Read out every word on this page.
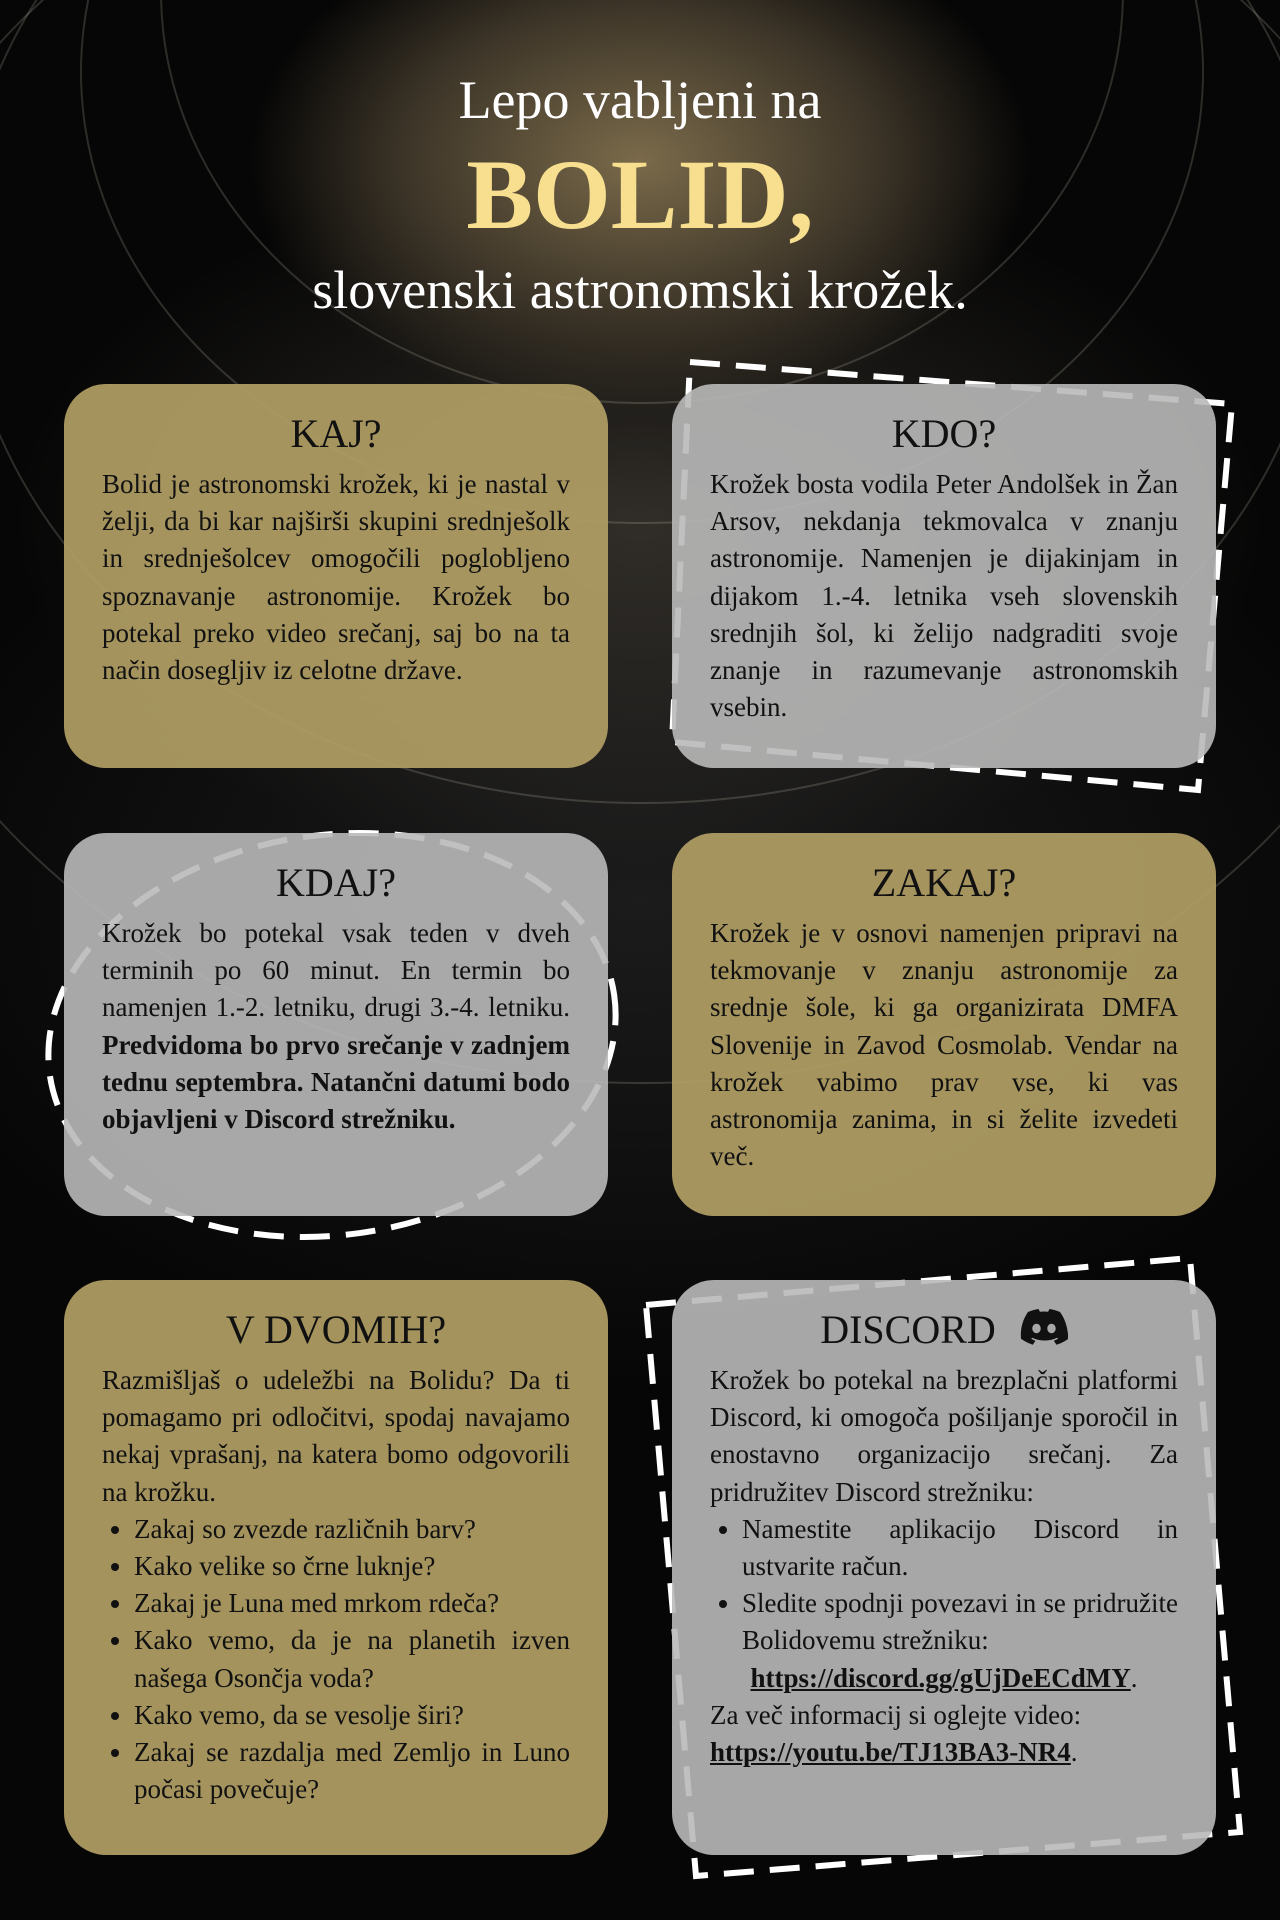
Lepo vabljeni na
BOLID,
slovenski astronomski krožek.
KAJ?

Bolid je astronomski krožek, ki je nastal v želji, da bi kar najširši skupini srednješolk in srednješolcev omogočili poglobljeno spoznavanje astronomije. Krožek bo potekal preko video srečanj, saj bo na ta način dosegljiv iz celotne države.

KDO?

Krožek bosta vodila Peter Andolšek in Žan Arsov, nekdanja tekmovalca v znanju astronomije. Namenjen je dijakinjam in dijakom 1.-4. letnika vseh slovenskih srednjih šol, ki želijo nadgraditi svoje znanje in razumevanje astronomskih vsebin.

KDAJ?

Krožek bo potekal vsak teden v dveh terminih po 60 minut. En termin bo namenjen 1.-2. letniku, drugi 3.-4. letniku. Predvidoma bo prvo srečanje v zadnjem tednu septembra. Natančni datumi bodo objavljeni v Discord strežniku.

ZAKAJ?

Krožek je v osnovi namenjen pripravi na tekmovanje v znanju astronomije za srednje šole, ki ga organizirata DMFA Slovenije in Zavod Cosmolab. Vendar na krožek vabimo prav vse, ki vas astronomija zanima, in si želite izvedeti več.

V DVOMIH?

Razmišljaš o udeležbi na Bolidu? Da ti pomagamo pri odločitvi, spodaj navajamo nekaj vprašanj, na katera bomo odgovorili na krožku.

• Zakaj so zvezde različnih barv?
• Kako velike so črne luknje?
• Zakaj je Luna med mrkom rdeča?
• Kako vemo, da je na planetih izven našega Osončja voda?
• Kako vemo, da se vesolje širi?
• Zakaj se razdalja med Zemljo in Luno počasi povečuje?
DISCORD

Krožek bo potekal na brezplačni platformi Discord, ki omogoča pošiljanje sporočil in enostavno organizacijo srečanj. Za pridružitev Discord strežniku:

• Namestite aplikacijo Discord in ustvarite račun.
• Sledite spodnji povezavi in se pridružite Bolidovemu strežniku:

https://discord.gg/gUjDeECdMY.

Za več informacij si oglejte video:

https://youtu.be/TJ13BA3-NR4.
